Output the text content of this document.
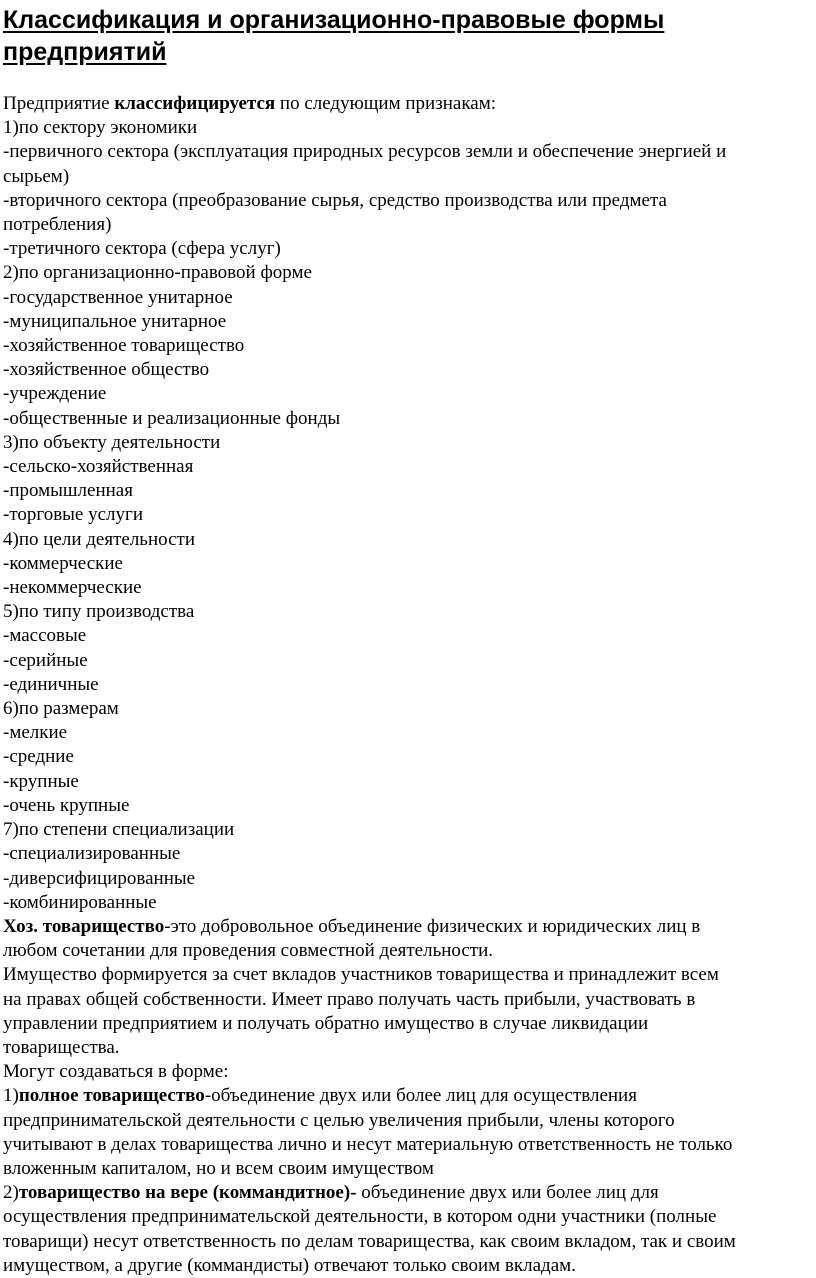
Классификация и организационно-правовые формы
предприятий
Предприятие классифицируется по следующим признакам:
1)по сектору экономики
-первичного сектора (эксплуатация природных ресурсов земли и обеспечение энергией и
сырьем)
-вторичного сектора (преобразование сырья, средство производства или предмета
потребления)
-третичного сектора (сфера услуг)
2)по организационно-правовой форме
-государственное унитарное
-муниципальное унитарное
-хозяйственное товарищество
-хозяйственное общество
-учреждение
-общественные и реализационные фонды
3)по объекту деятельности
-сельско-хозяйственная
-промышленная
-торговые услуги
4)по цели деятельности
-коммерческие
-некоммерческие
5)по типу производства
-массовые
-серийные
-единичные
6)по размерам
-мелкие
-средние
-крупные
-очень крупные
7)по степени специализации
-специализированные
-диверсифицированные
-комбинированные
Хоз. товарищество-это добровольное объединение физических и юридических лиц в
любом сочетании для проведения совместной деятельности.
Имущество формируется за счет вкладов участников товарищества и принадлежит всем
на правах общей собственности. Имеет право получать часть прибыли, участвовать в
управлении предприятием и получать обратно имущество в случае ликвидации
товарищества.
Могут создаваться в форме:
1)полное товарищество-объединение двух или более лиц для осуществления
предпринимательской деятельности с целью увеличения прибыли, члены которого
учитывают в делах товарищества лично и несут материальную ответственность не только
вложенным капиталом, но и всем своим имуществом
2)товарищество на вере (коммандитное)- объединение двух или более лиц для
осуществления предпринимательской деятельности, в котором одни участники (полные
товарищи) несут ответственность по делам товарищества, как своим вкладом, так и своим
имуществом, а другие (коммандисты) отвечают только своим вкладам.
